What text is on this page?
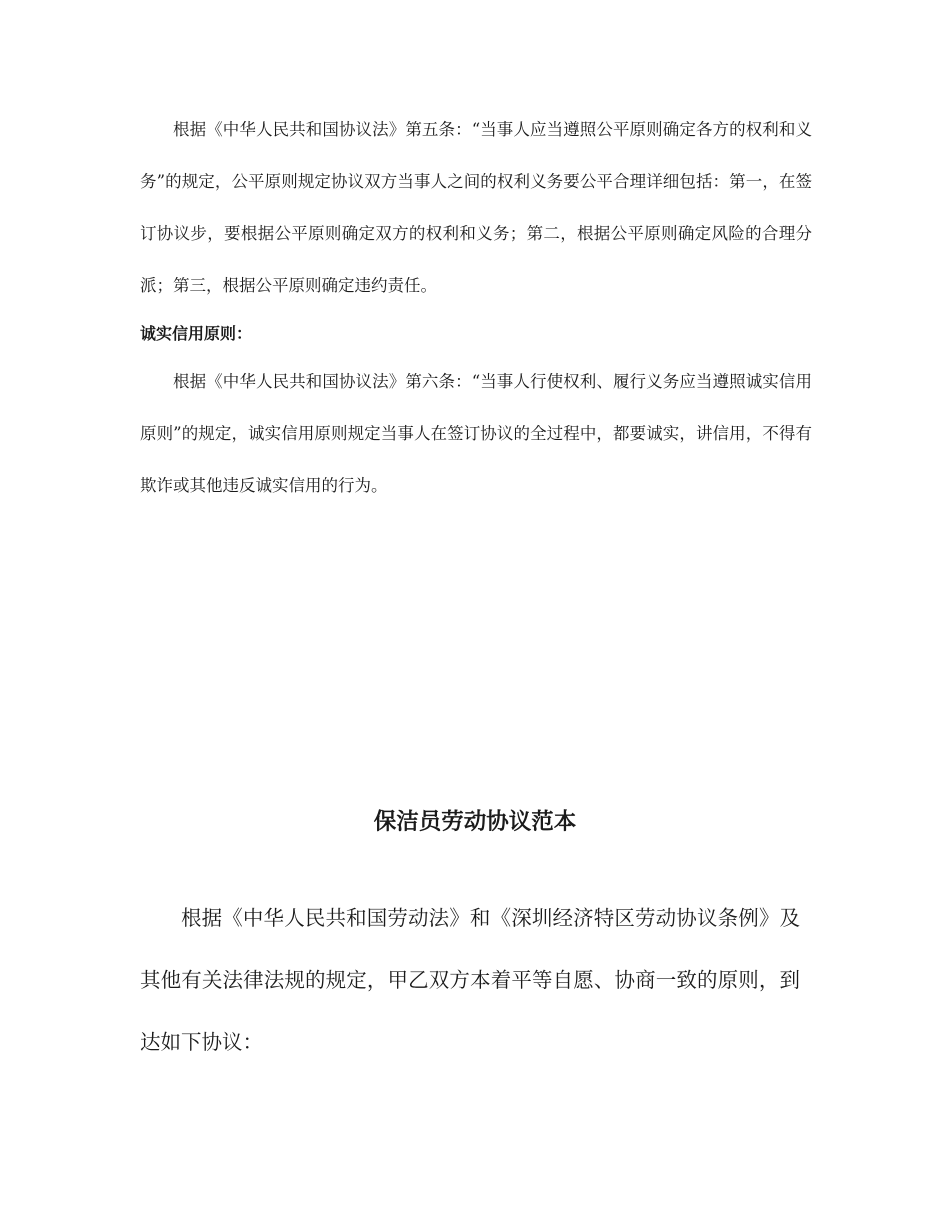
根据《中华人民共和国协议法》第五条：“当事人应当遵照公平原则确定各方的权利和义务”的规定，公平原则规定协议双方当事人之间的权利义务要公平合理详细包括：第一，在签订协议步，要根据公平原则确定双方的权利和义务；第二，根据公平原则确定风险的合理分派；第三，根据公平原则确定违约责任。

诚实信用原则：

根据《中华人民共和国协议法》第六条：“当事人行使权利、履行义务应当遵照诚实信用原则”的规定，诚实信用原则规定当事人在签订协议的全过程中，都要诚实，讲信用，不得有欺诈或其他违反诚实信用的行为。

保洁员劳动协议范本

根据《中华人民共和国劳动法》和《深圳经济特区劳动协议条例》及其他有关法律法规的规定，甲乙双方本着平等自愿、协商一致的原则，到达如下协议：
